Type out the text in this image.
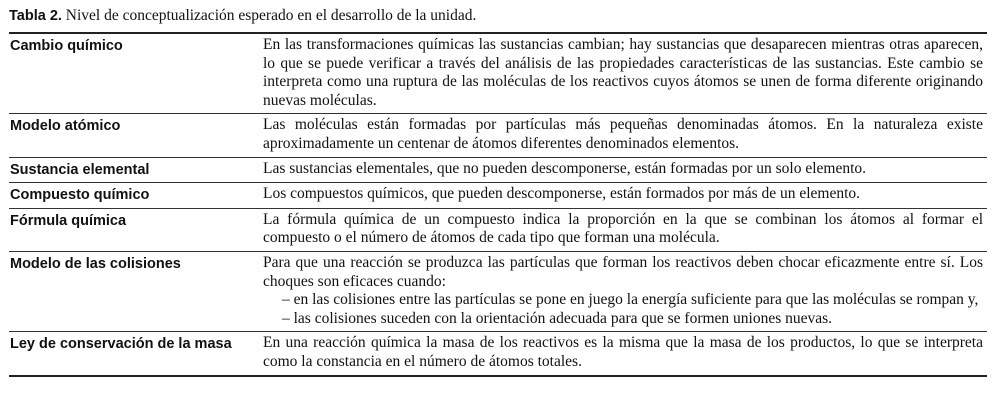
Tabla 2. Nivel de conceptualización esperado en el desarrollo de la unidad.
Cambio químico	En las transformaciones químicas las sustancias cambian; hay sustancias que desaparecen mientras otras aparecen, lo que se puede verificar a través del análisis de las propiedades características de las sustancias. Este cambio se interpreta como una ruptura de las moléculas de los reactivos cuyos átomos se unen de forma diferente originando nuevas moléculas.

Modelo atómico	Las moléculas están formadas por partículas más pequeñas denominadas átomos. En la naturaleza existe aproximadamente un centenar de átomos diferentes denominados elementos.

Sustancia elemental	Las sustancias elementales, que no pueden descomponerse, están formadas por un solo elemento.

Compuesto químico	Los compuestos químicos, que pueden descomponerse, están formados por más de un elemento.

Fórmula química	La fórmula química de un compuesto indica la proporción en la que se combinan los átomos al formar el compuesto o el número de átomos de cada tipo que forman una molécula.

Modelo de las colisiones	Para que una reacción se produzca las partículas que forman los reactivos deben chocar eficazmente entre sí. Los choques son eficaces cuando:

– en las colisiones entre las partículas se pone en juego la energía suficiente para que las moléculas se rompan y,
– las colisiones suceden con la orientación adecuada para que se formen uniones nuevas.
Ley de conservación de la masa	En una reacción química la masa de los reactivos es la misma que la masa de los productos, lo que se interpreta como la constancia en el número de átomos totales.
